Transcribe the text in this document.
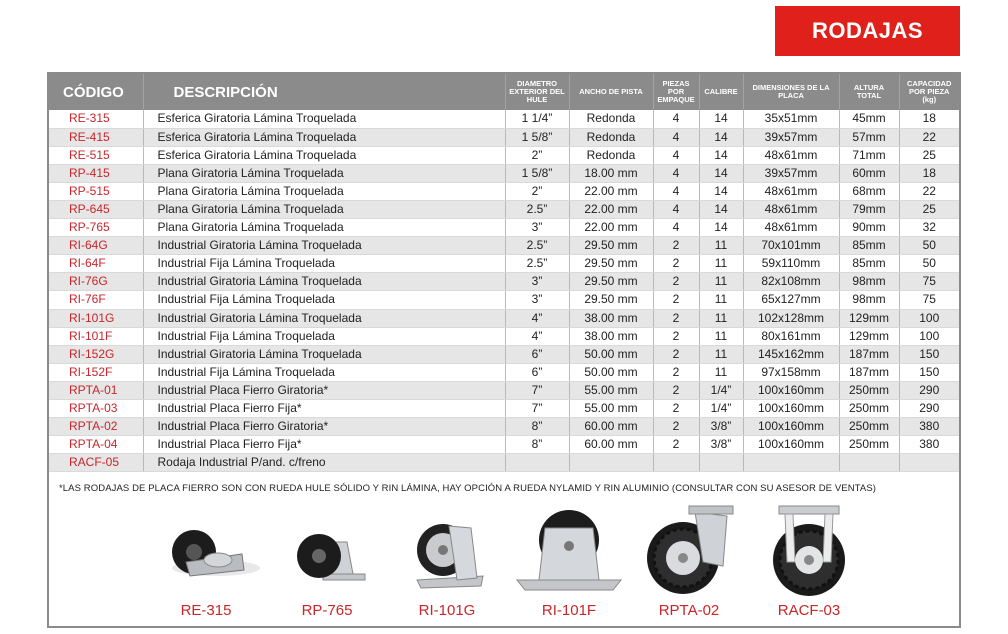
RODAJAS
CÓDIGO	DESCRIPCIÓN	DIAMETRO EXTERIOR DEL HULE	ANCHO DE PISTA	PIEZAS POR EMPAQUE	CALIBRE	DIMENSIONES DE LA PLACA	ALTURA TOTAL	CAPACIDAD POR PIEZA (kg)
RE-315	Esferica Giratoria Lámina Troquelada	1 1/4”	Redonda	4	14	35x51mm	45mm	18
RE-415	Esferica Giratoria Lámina Troquelada	1 5/8”	Redonda	4	14	39x57mm	57mm	22
RE-515	Esferica Giratoria Lámina Troquelada	2”	Redonda	4	14	48x61mm	71mm	25
RP-415	Plana Giratoria Lámina Troquelada	1 5/8”	18.00 mm	4	14	39x57mm	60mm	18
RP-515	Plana Giratoria Lámina Troquelada	2”	22.00 mm	4	14	48x61mm	68mm	22
RP-645	Plana Giratoria Lámina Troquelada	2.5”	22.00 mm	4	14	48x61mm	79mm	25
RP-765	Plana Giratoria Lámina Troquelada	3”	22.00 mm	4	14	48x61mm	90mm	32
RI-64G	Industrial Giratoria Lámina Troquelada	2.5”	29.50 mm	2	11	70x101mm	85mm	50
RI-64F	Industrial Fija Lámina Troquelada	2.5”	29.50 mm	2	11	59x110mm	85mm	50
RI-76G	Industrial Giratoria Lámina Troquelada	3”	29.50 mm	2	11	82x108mm	98mm	75
RI-76F	Industrial Fija Lámina Troquelada	3”	29.50 mm	2	11	65x127mm	98mm	75
RI-101G	Industrial Giratoria Lámina Troquelada	4”	38.00 mm	2	11	102x128mm	129mm	100
RI-101F	Industrial Fija Lámina Troquelada	4”	38.00 mm	2	11	80x161mm	129mm	100
RI-152G	Industrial Giratoria Lámina Troquelada	6”	50.00 mm	2	11	145x162mm	187mm	150
RI-152F	Industrial Fija Lámina Troquelada	6”	50.00 mm	2	11	97x158mm	187mm	150
RPTA-01	Industrial Placa Fierro Giratoria*	7”	55.00 mm	2	1/4”	100x160mm	250mm	290
RPTA-03	Industrial Placa Fierro Fija*	7”	55.00 mm	2	1/4”	100x160mm	250mm	290
RPTA-02	Industrial Placa Fierro Giratoria*	8”	60.00 mm	2	3/8”	100x160mm	250mm	380
RPTA-04	Industrial Placa Fierro Fija*	8”	60.00 mm	2	3/8”	100x160mm	250mm	380
RACF-05	Rodaja Industrial P/and. c/freno							
*LAS RODAJAS DE PLACA FIERRO SON CON RUEDA HULE SÓLIDO Y RIN LÁMINA, HAY OPCIÓN A RUEDA NYLAMID Y RIN ALUMINIO (CONSULTAR CON SU ASESOR DE VENTAS)
RE-315	RP-765	RI-101G	RI-101F	RPTA-02	RACF-03
